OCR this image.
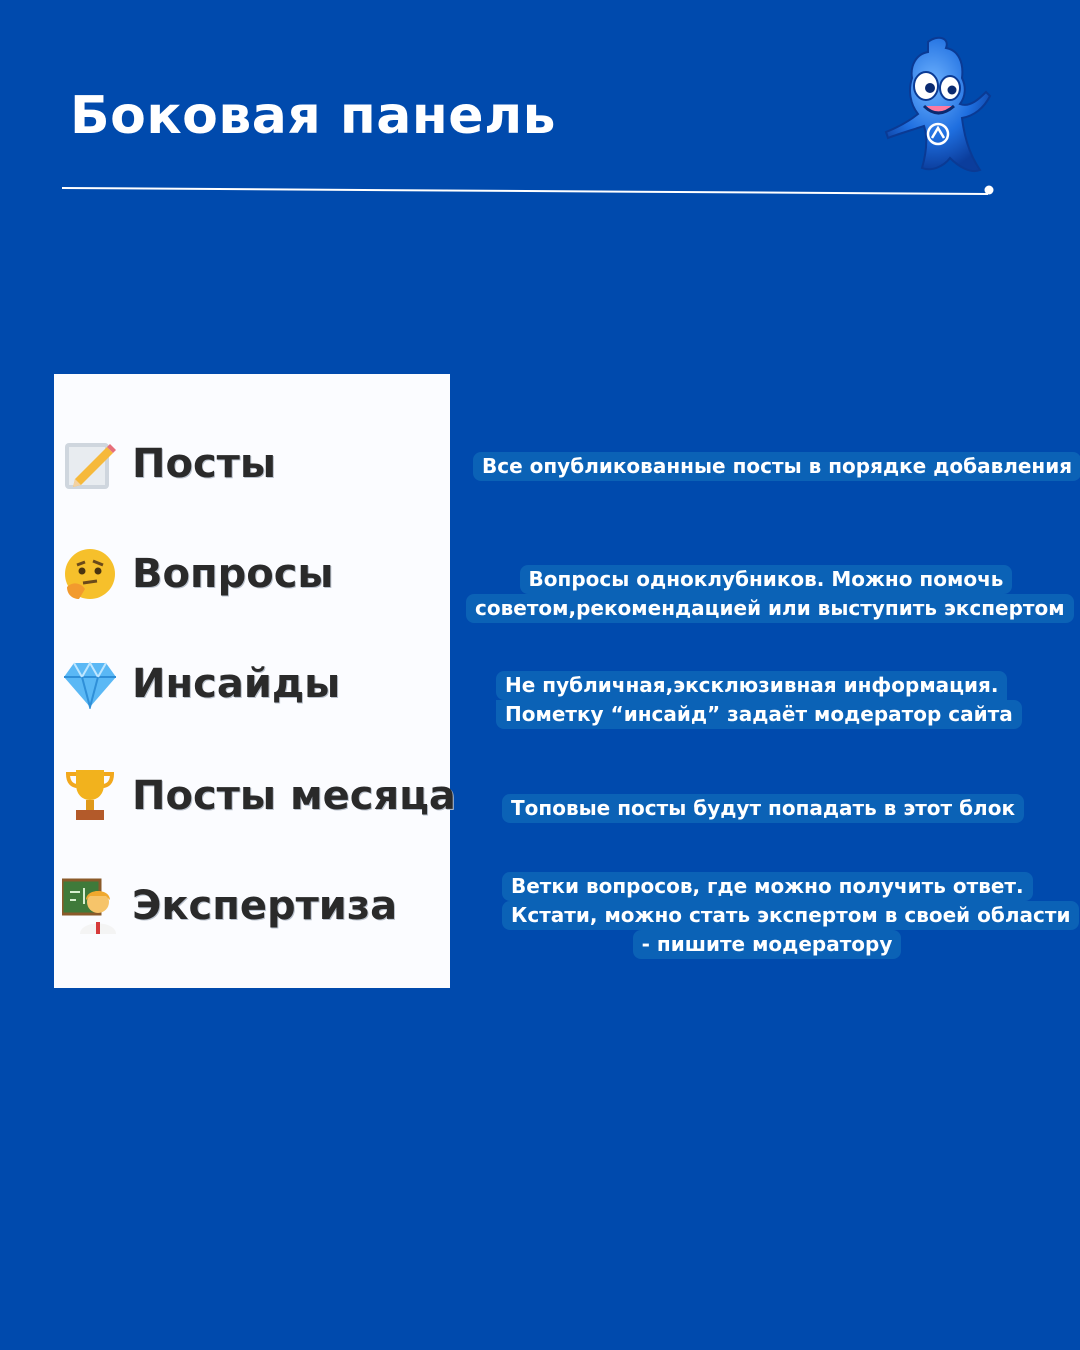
Боковая панель
Посты
Вопросы
Инсайды
Посты месяца
Экспертиза
Все опубликованные посты в порядке добавления
Вопросы одноклубников. Можно помочь
советом,рекомендацией или выступить экспертом
Не публичная,эксклюзивная информация.
Пометку “инсайд” задаёт модератор сайта
Топовые посты будут попадать в этот блок
Ветки вопросов, где можно получить ответ.
Кстати, можно стать экспертом в своей области
- пишите модератору
